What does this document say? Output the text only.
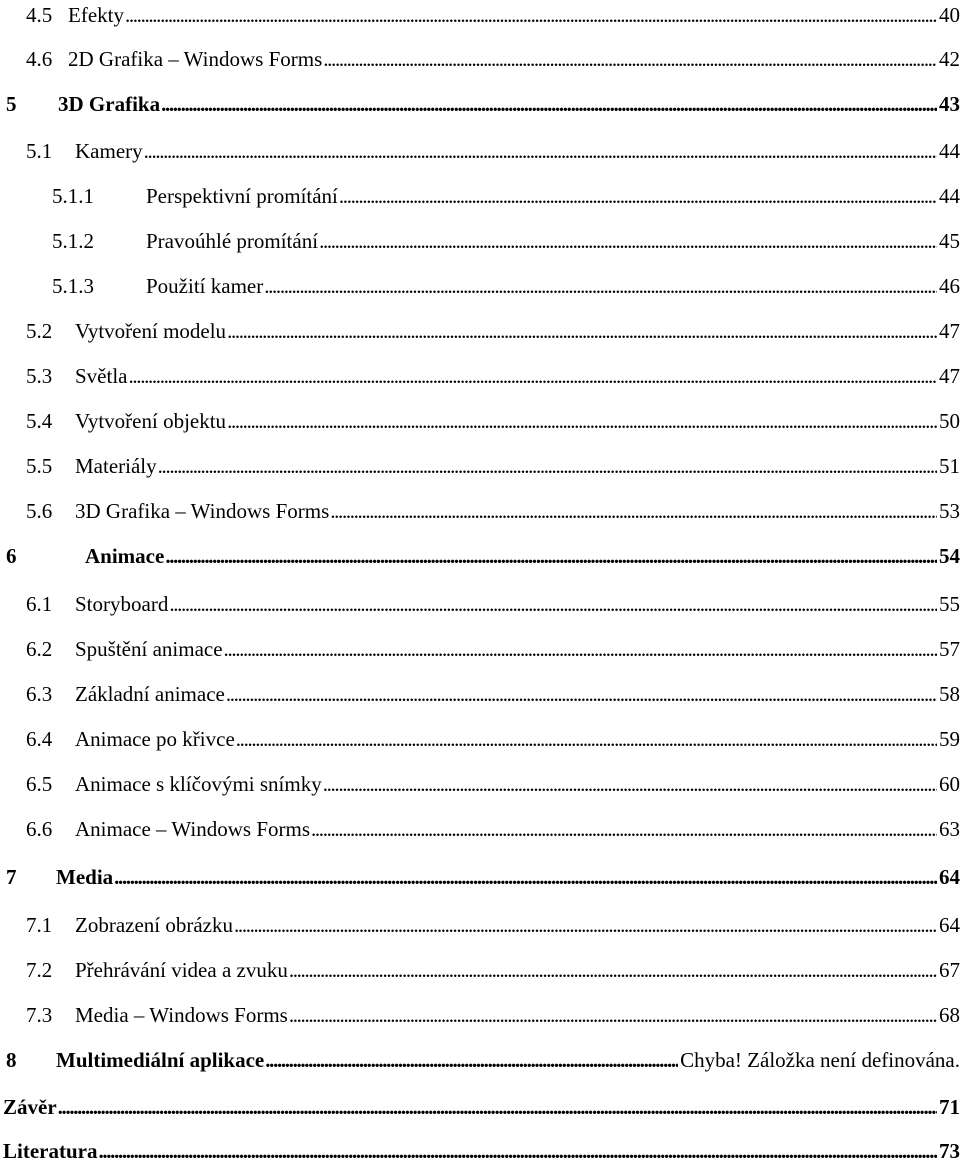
4.5 Efekty . . .	40
4.6 2D Grafika – Windows Forms . . .	42
5	3D Grafika . . .	43
5.1	Kamery . . .	44
5.1.1	Perspektivní promítání . . .	44
5.1.2	Pravoúhlé promítání . . .	45
5.1.3	Použití kamer . . .	46
5.2	Vytvoření modelu . . .	47
5.3	Světla . . .	47
5.4	Vytvoření objektu . . .	50
5.5	Materiály . . .	51
5.6	3D Grafika – Windows Forms . . .	53
6	Animace . . .	54
6.1	Storyboard . . .	55
6.2	Spuštění animace . . .	57
6.3	Základní animace . . .	58
6.4	Animace po křivce . . .	59
6.5	Animace s klíčovými snímky . . .	60
6.6	Animace – Windows Forms . . .	63
7	Media . . .	64
7.1	Zobrazení obrázku . . .	64
7.2	Přehrávání videa a zvuku . . .	67
7.3	Media – Windows Forms . . .	68
8	Multimediální aplikace . . .	Chyba! Záložka není definována.
Závěr . . .	71
Literatura . . .	73
